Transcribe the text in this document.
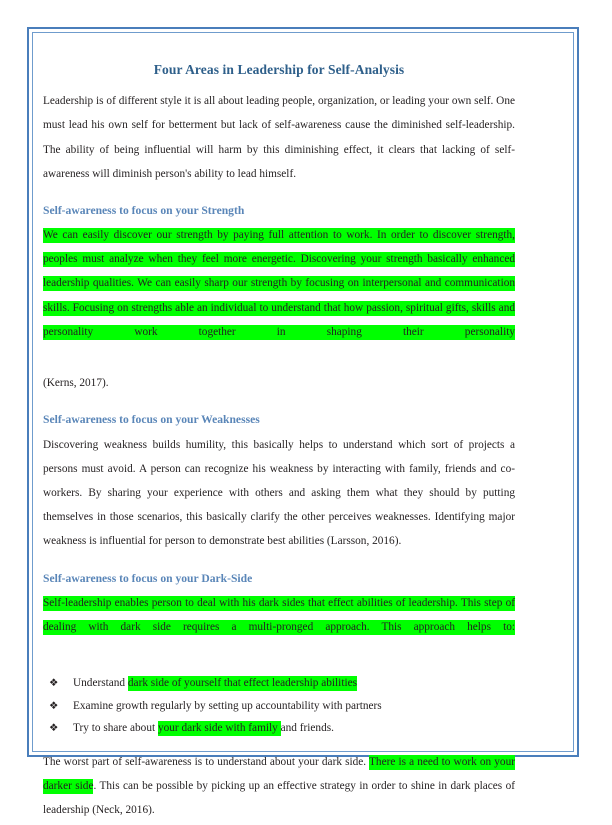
Four Areas in Leadership for Self-Analysis

Leadership is of different style it is all about leading people, organization, or leading your own self. One must lead his own self for betterment but lack of self-awareness cause the diminished self-leadership. The ability of being influential will harm by this diminishing effect, it clears that lacking of self-awareness will diminish person's ability to lead himself.

Self-awareness to focus on your Strength

We can easily discover our strength by paying full attention to work. In order to discover strength, peoples must analyze when they feel more energetic. Discovering your strength basically enhanced leadership qualities. We can easily sharp our strength by focusing on interpersonal and communication skills. Focusing on strengths able an individual to understand that how passion, spiritual gifts, skills and personality work together in shaping their personality

(Kerns, 2017).

Self-awareness to focus on your Weaknesses

Discovering weakness builds humility, this basically helps to understand which sort of projects a persons must avoid. A person can recognize his weakness by interacting with family, friends and co-workers. By sharing your experience with others and asking them what they should by putting themselves in those scenarios, this basically clarify the other perceives weaknesses. Identifying major weakness is influential for person to demonstrate best abilities (Larsson, 2016).

Self-awareness to focus on your Dark-Side

Self-leadership enables person to deal with his dark sides that effect abilities of leadership. This step of dealing with dark side requires a multi-pronged approach. This approach helps to:

❖ Understand dark side of yourself that effect leadership abilities
❖ Examine growth regularly by setting up accountability with partners
❖ Try to share about your dark side with family and friends.

The worst part of self-awareness is to understand about your dark side. There is a need to work on your darker side. This can be possible by picking up an effective strategy in order to shine in dark places of leadership (Neck, 2016).
